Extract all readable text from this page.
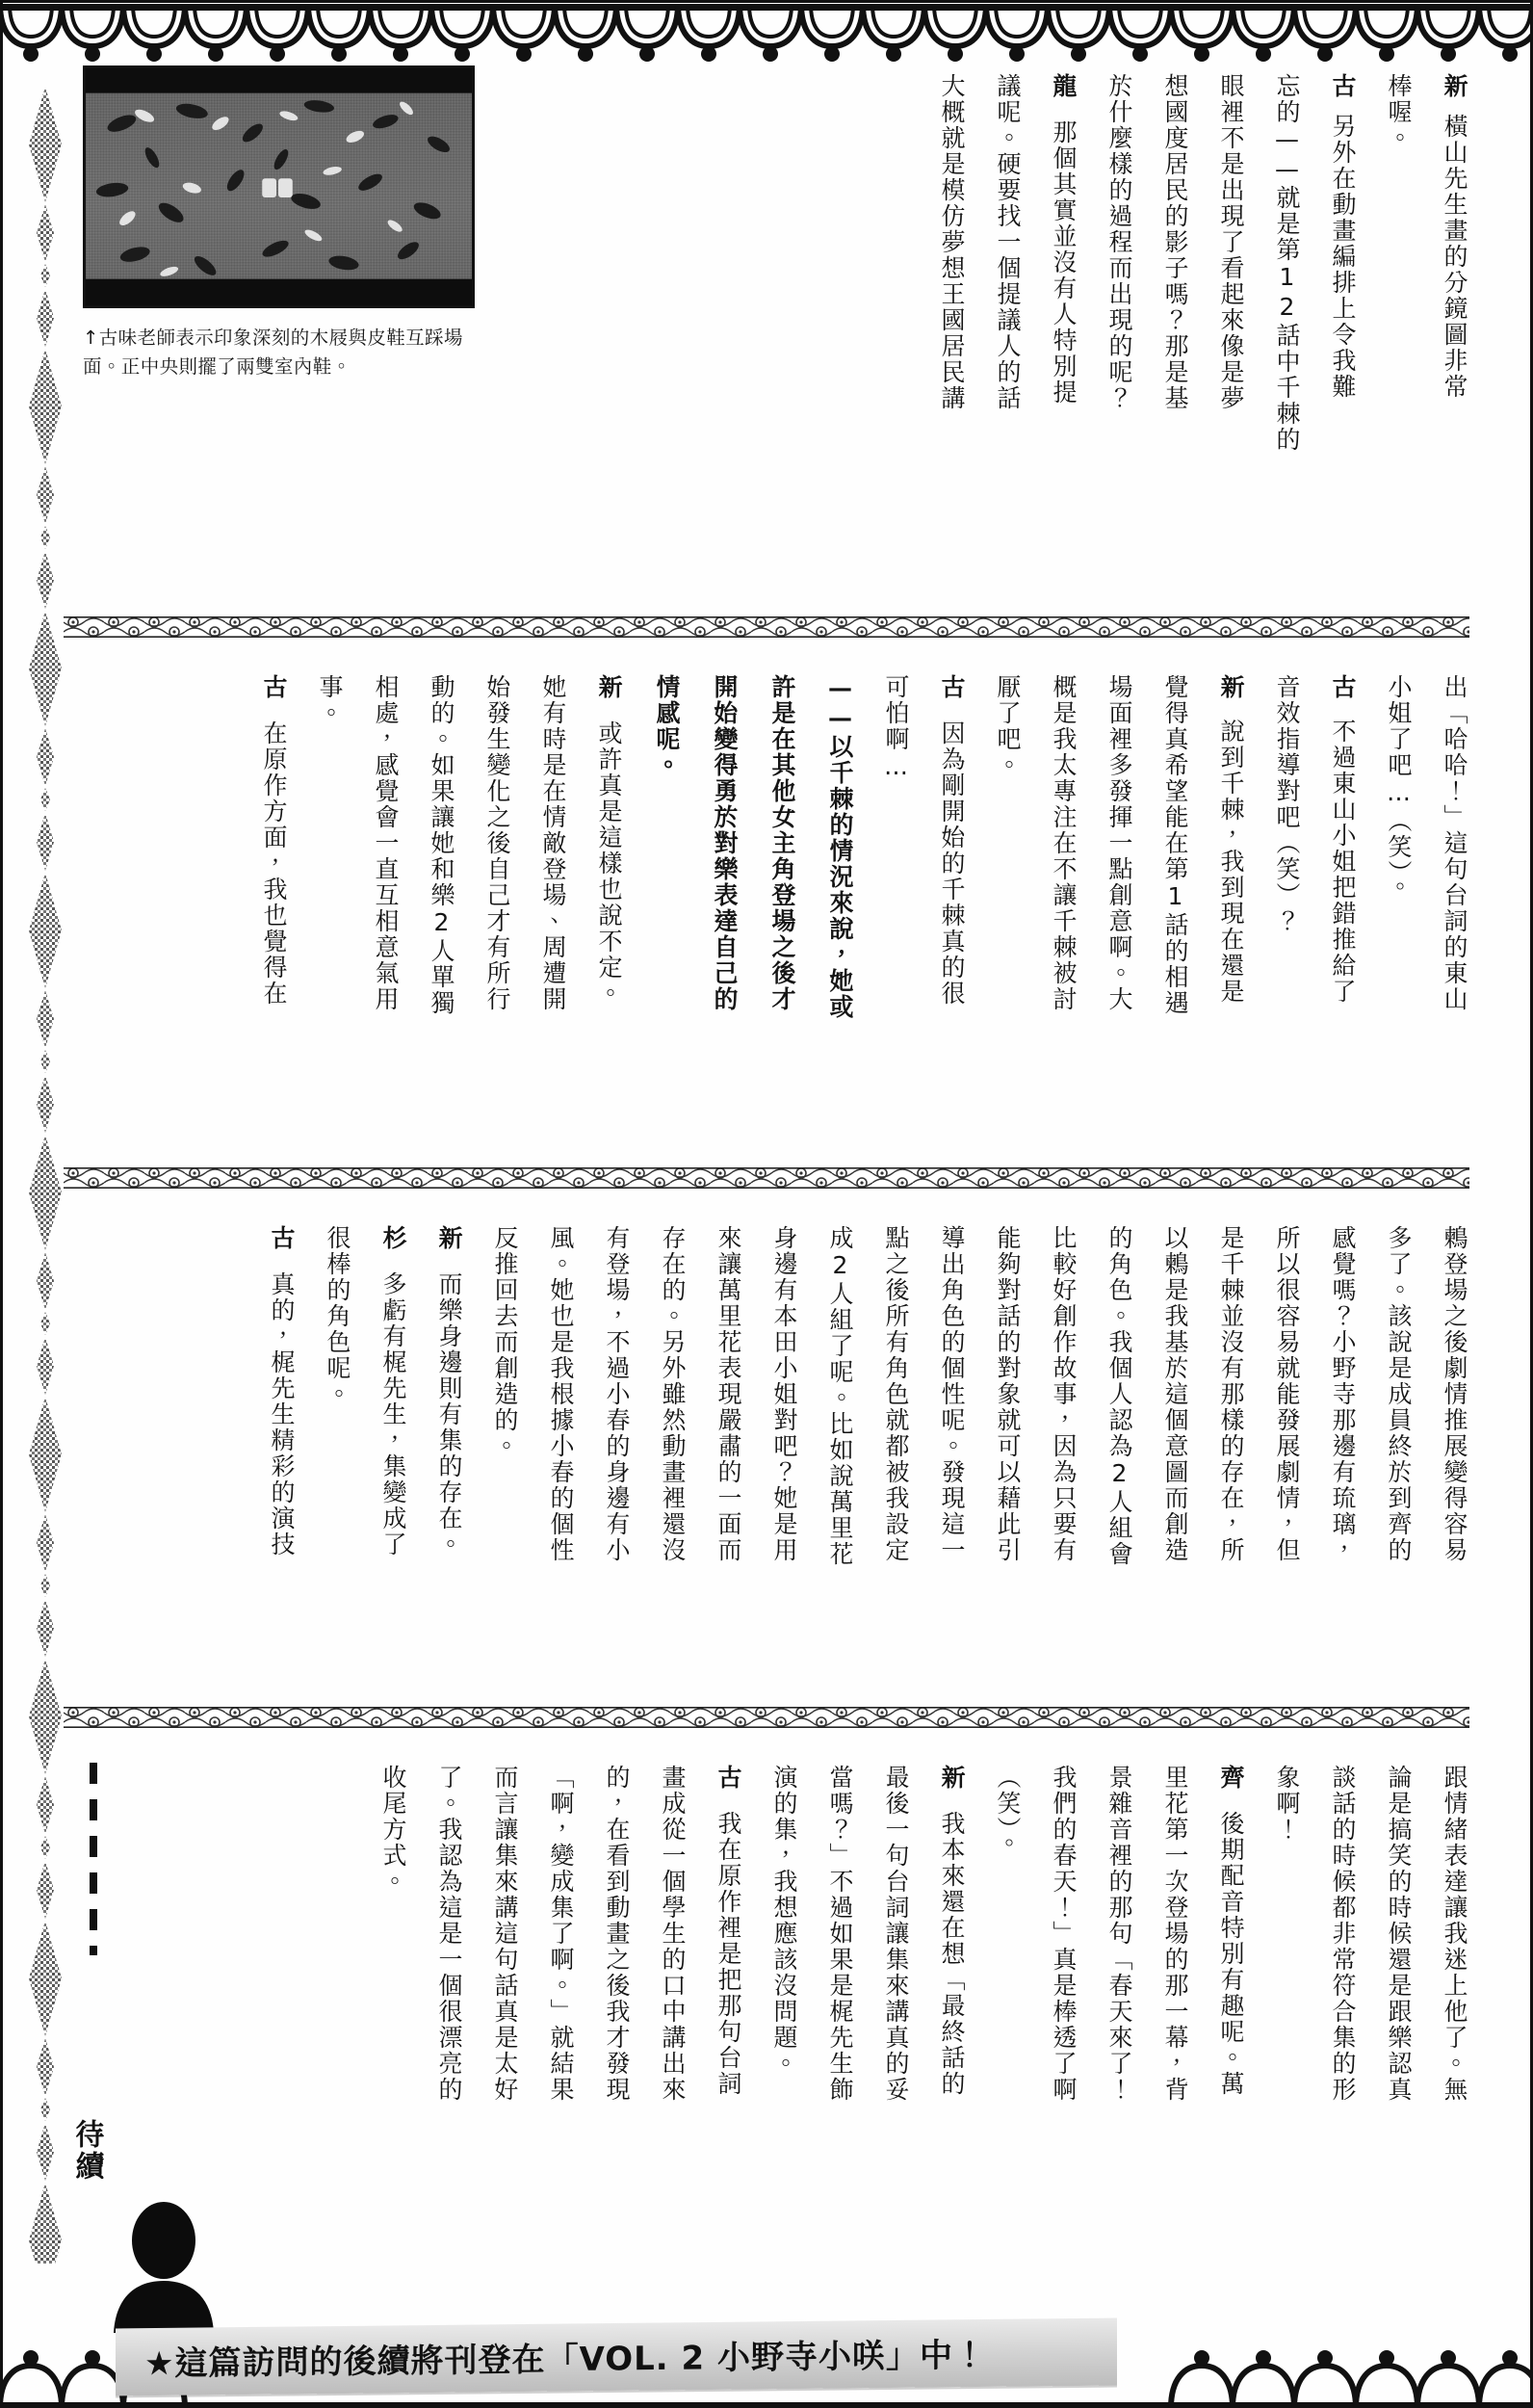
↑古味老師表示印象深刻的木屐與皮鞋互踩場面。正中央則擺了兩雙室內鞋。
新
橫山先生畫的分鏡圖非常
棒喔。
古
另外在動畫編排上令我難
忘的——就是第12話中千棘的
眼裡不是出現了看起來像是夢
想國度居民的影子嗎？那是基
於什麼樣的過程而出現的呢？
龍
那個其實並沒有人特別提
議呢。硬要找一個提議人的話
大概就是模仿夢想王國居民講
出「哈哈！」這句台詞的東山
小姐了吧…（笑）。
古
不過東山小姐把錯推給了
音效指導對吧（笑）？
新
說到千棘，我到現在還是
覺得真希望能在第1話的相遇
場面裡多發揮一點創意啊。大
概是我太專注在不讓千棘被討
厭了吧。
古
因為剛開始的千棘真的很
可怕啊…
——以千棘的情況來說，她或
許是在其他女主角登場之後才
開始變得勇於對樂表達自己的
情感呢。
新
或許真是這樣也說不定。
她有時是在情敵登場、周遭開
始發生變化之後自己才有所行
動的。如果讓她和樂2人單獨
相處，感覺會一直互相意氣用
事。
古
在原作方面，我也覺得在
鶫登場之後劇情推展變得容易
多了。該說是成員終於到齊的
感覺嗎？小野寺那邊有琉璃，
所以很容易就能發展劇情，但
是千棘並沒有那樣的存在，所
以鶫是我基於這個意圖而創造
的角色。我個人認為2人組會
比較好創作故事，因為只要有
能夠對話的對象就可以藉此引
導出角色的個性呢。發現這一
點之後所有角色就都被我設定
成2人組了呢。比如說萬里花
身邊有本田小姐對吧？她是用
來讓萬里花表現嚴肅的一面而
存在的。另外雖然動畫裡還沒
有登場，不過小春的身邊有小
風。她也是我根據小春的個性
反推回去而創造的。
新
而樂身邊則有集的存在。
杉
多虧有梶先生，集變成了
很棒的角色呢。
古
真的，梶先生精彩的演技
跟情緒表達讓我迷上他了。無
論是搞笑的時候還是跟樂認真
談話的時候都非常符合集的形
象啊！
齊
後期配音特別有趣呢。萬
里花第一次登場的那一幕，背
景雜音裡的那句「春天來了！
我們的春天！」真是棒透了啊
（笑）。
新
我本來還在想「最終話的
最後一句台詞讓集來講真的妥
當嗎？」不過如果是梶先生飾
演的集，我想應該沒問題。
古
我在原作裡是把那句台詞
畫成從一個學生的口中講出來
的，在看到動畫之後我才發現
「啊，變成集了啊。」就結果
而言讓集來講這句話真是太好
了。我認為這是一個很漂亮的
收尾方式。
待續
★這篇訪問的後續將刊登在「VOL. 2 小野寺小咲」中！
